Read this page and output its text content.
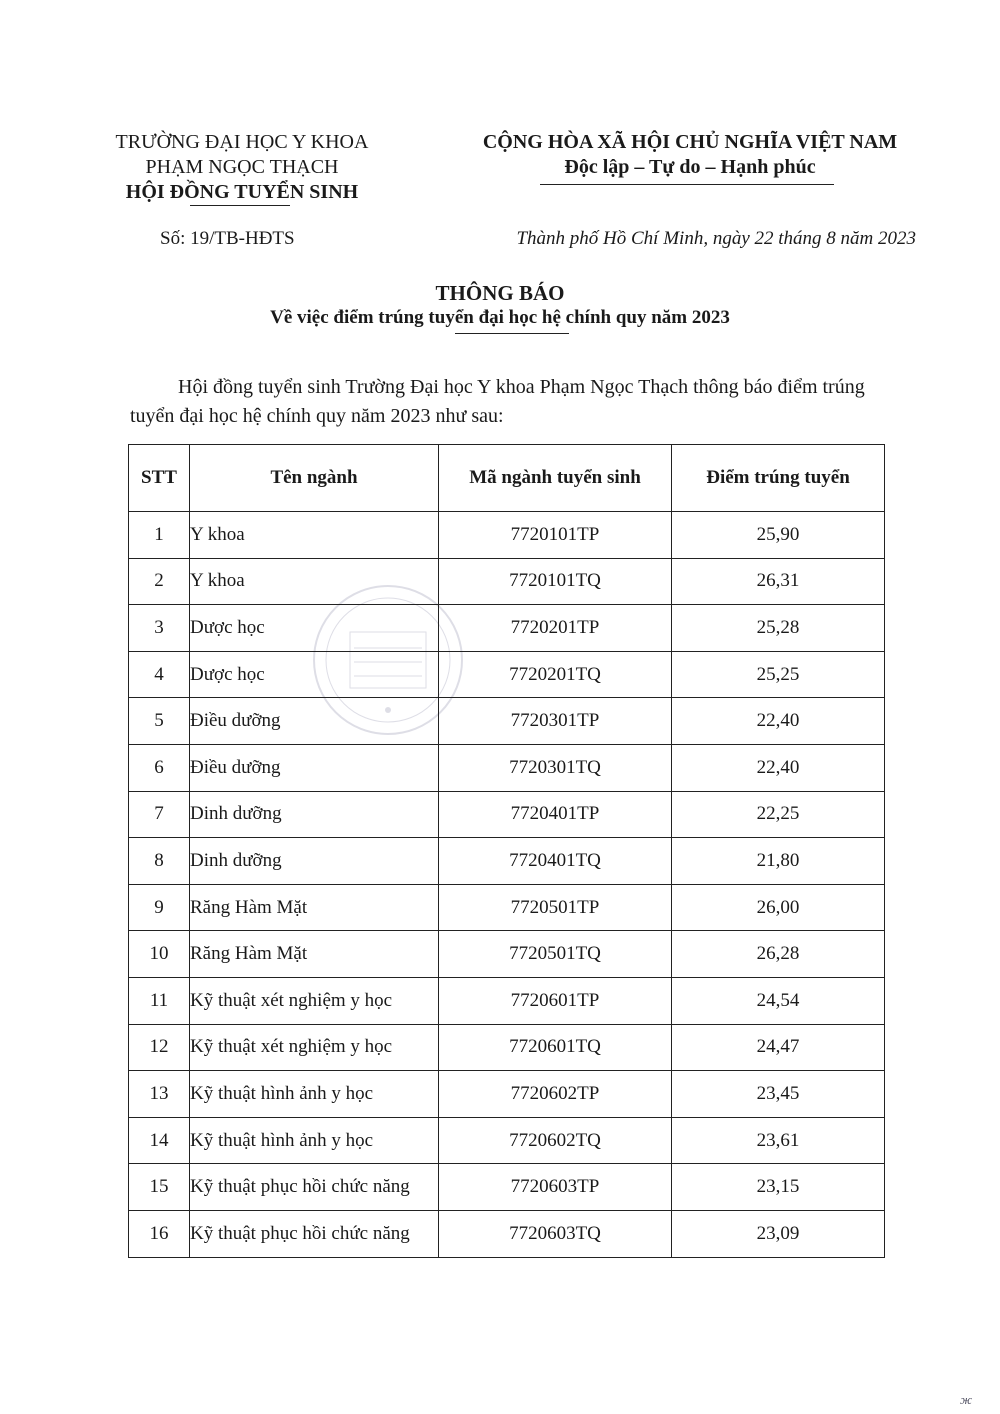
TRƯỜNG ĐẠI HỌC Y KHOA
PHẠM NGỌC THẠCH
HỘI ĐỒNG TUYỂN SINH
CỘNG HÒA XÃ HỘI CHỦ NGHĨA VIỆT NAM
Độc lập – Tự do – Hạnh phúc
Số: 19/TB-HĐTS	Thành phố Hồ Chí Minh, ngày 22 tháng 8 năm 2023
THÔNG BÁO
Về việc điểm trúng tuyển đại học hệ chính quy năm 2023
Hội đồng tuyển sinh Trường Đại học Y khoa Phạm Ngọc Thạch thông báo điểm trúng tuyển đại học hệ chính quy năm 2023 như sau:
STT	Tên ngành	Mã ngành tuyển sinh	Điểm trúng tuyển
1	Y khoa	7720101TP	25,90
2	Y khoa	7720101TQ	26,31
3	Dược học	7720201TP	25,28
4	Dược học	7720201TQ	25,25
5	Điều dưỡng	7720301TP	22,40
6	Điều dưỡng	7720301TQ	22,40
7	Dinh dưỡng	7720401TP	22,25
8	Dinh dưỡng	7720401TQ	21,80
9	Răng Hàm Mặt	7720501TP	26,00
10	Răng Hàm Mặt	7720501TQ	26,28
11	Kỹ thuật xét nghiệm y học	7720601TP	24,54
12	Kỹ thuật xét nghiệm y học	7720601TQ	24,47
13	Kỹ thuật hình ảnh y học	7720602TP	23,45
14	Kỹ thuật hình ảnh y học	7720602TQ	23,61
15	Kỹ thuật phục hồi chức năng	7720603TP	23,15
16	Kỹ thuật phục hồi chức năng	7720603TQ	23,09
ж
